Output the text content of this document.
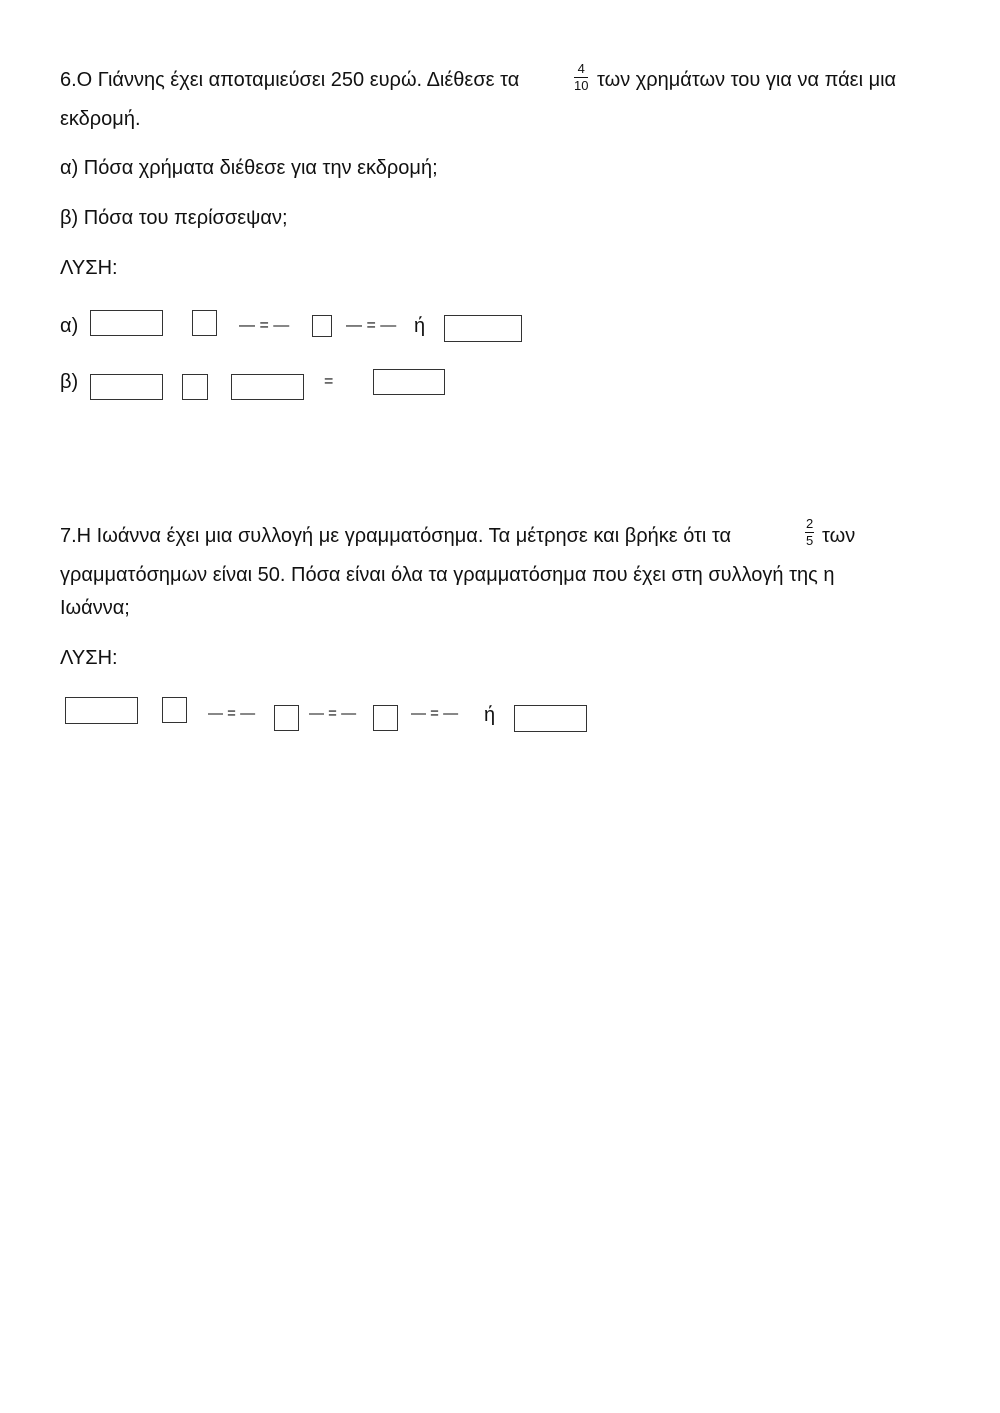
6.Ο Γιάννης έχει αποταμιεύσει 250 ευρώ. Διέθεσε τα	$\frac{4}{10}$ των χρημάτων του για να πάει μια
εκδρομή.
α) Πόσα χρήματα διέθεσε για την εκδρομή;
β) Πόσα του περίσσεψαν;
ΛΥΣΗ:
α)	— = —	— = — ή
β)	=
7.Η Ιωάννα έχει μια συλλογή με γραμματόσημα. Τα μέτρησε και βρήκε ότι τα	$\frac{2}{5}$ των
γραμματόσημων είναι 50. Πόσα είναι όλα τα γραμματόσημα που έχει στη συλλογή της η
Ιωάννα;
ΛΥΣΗ:
— = —	— = —	— = — ή
